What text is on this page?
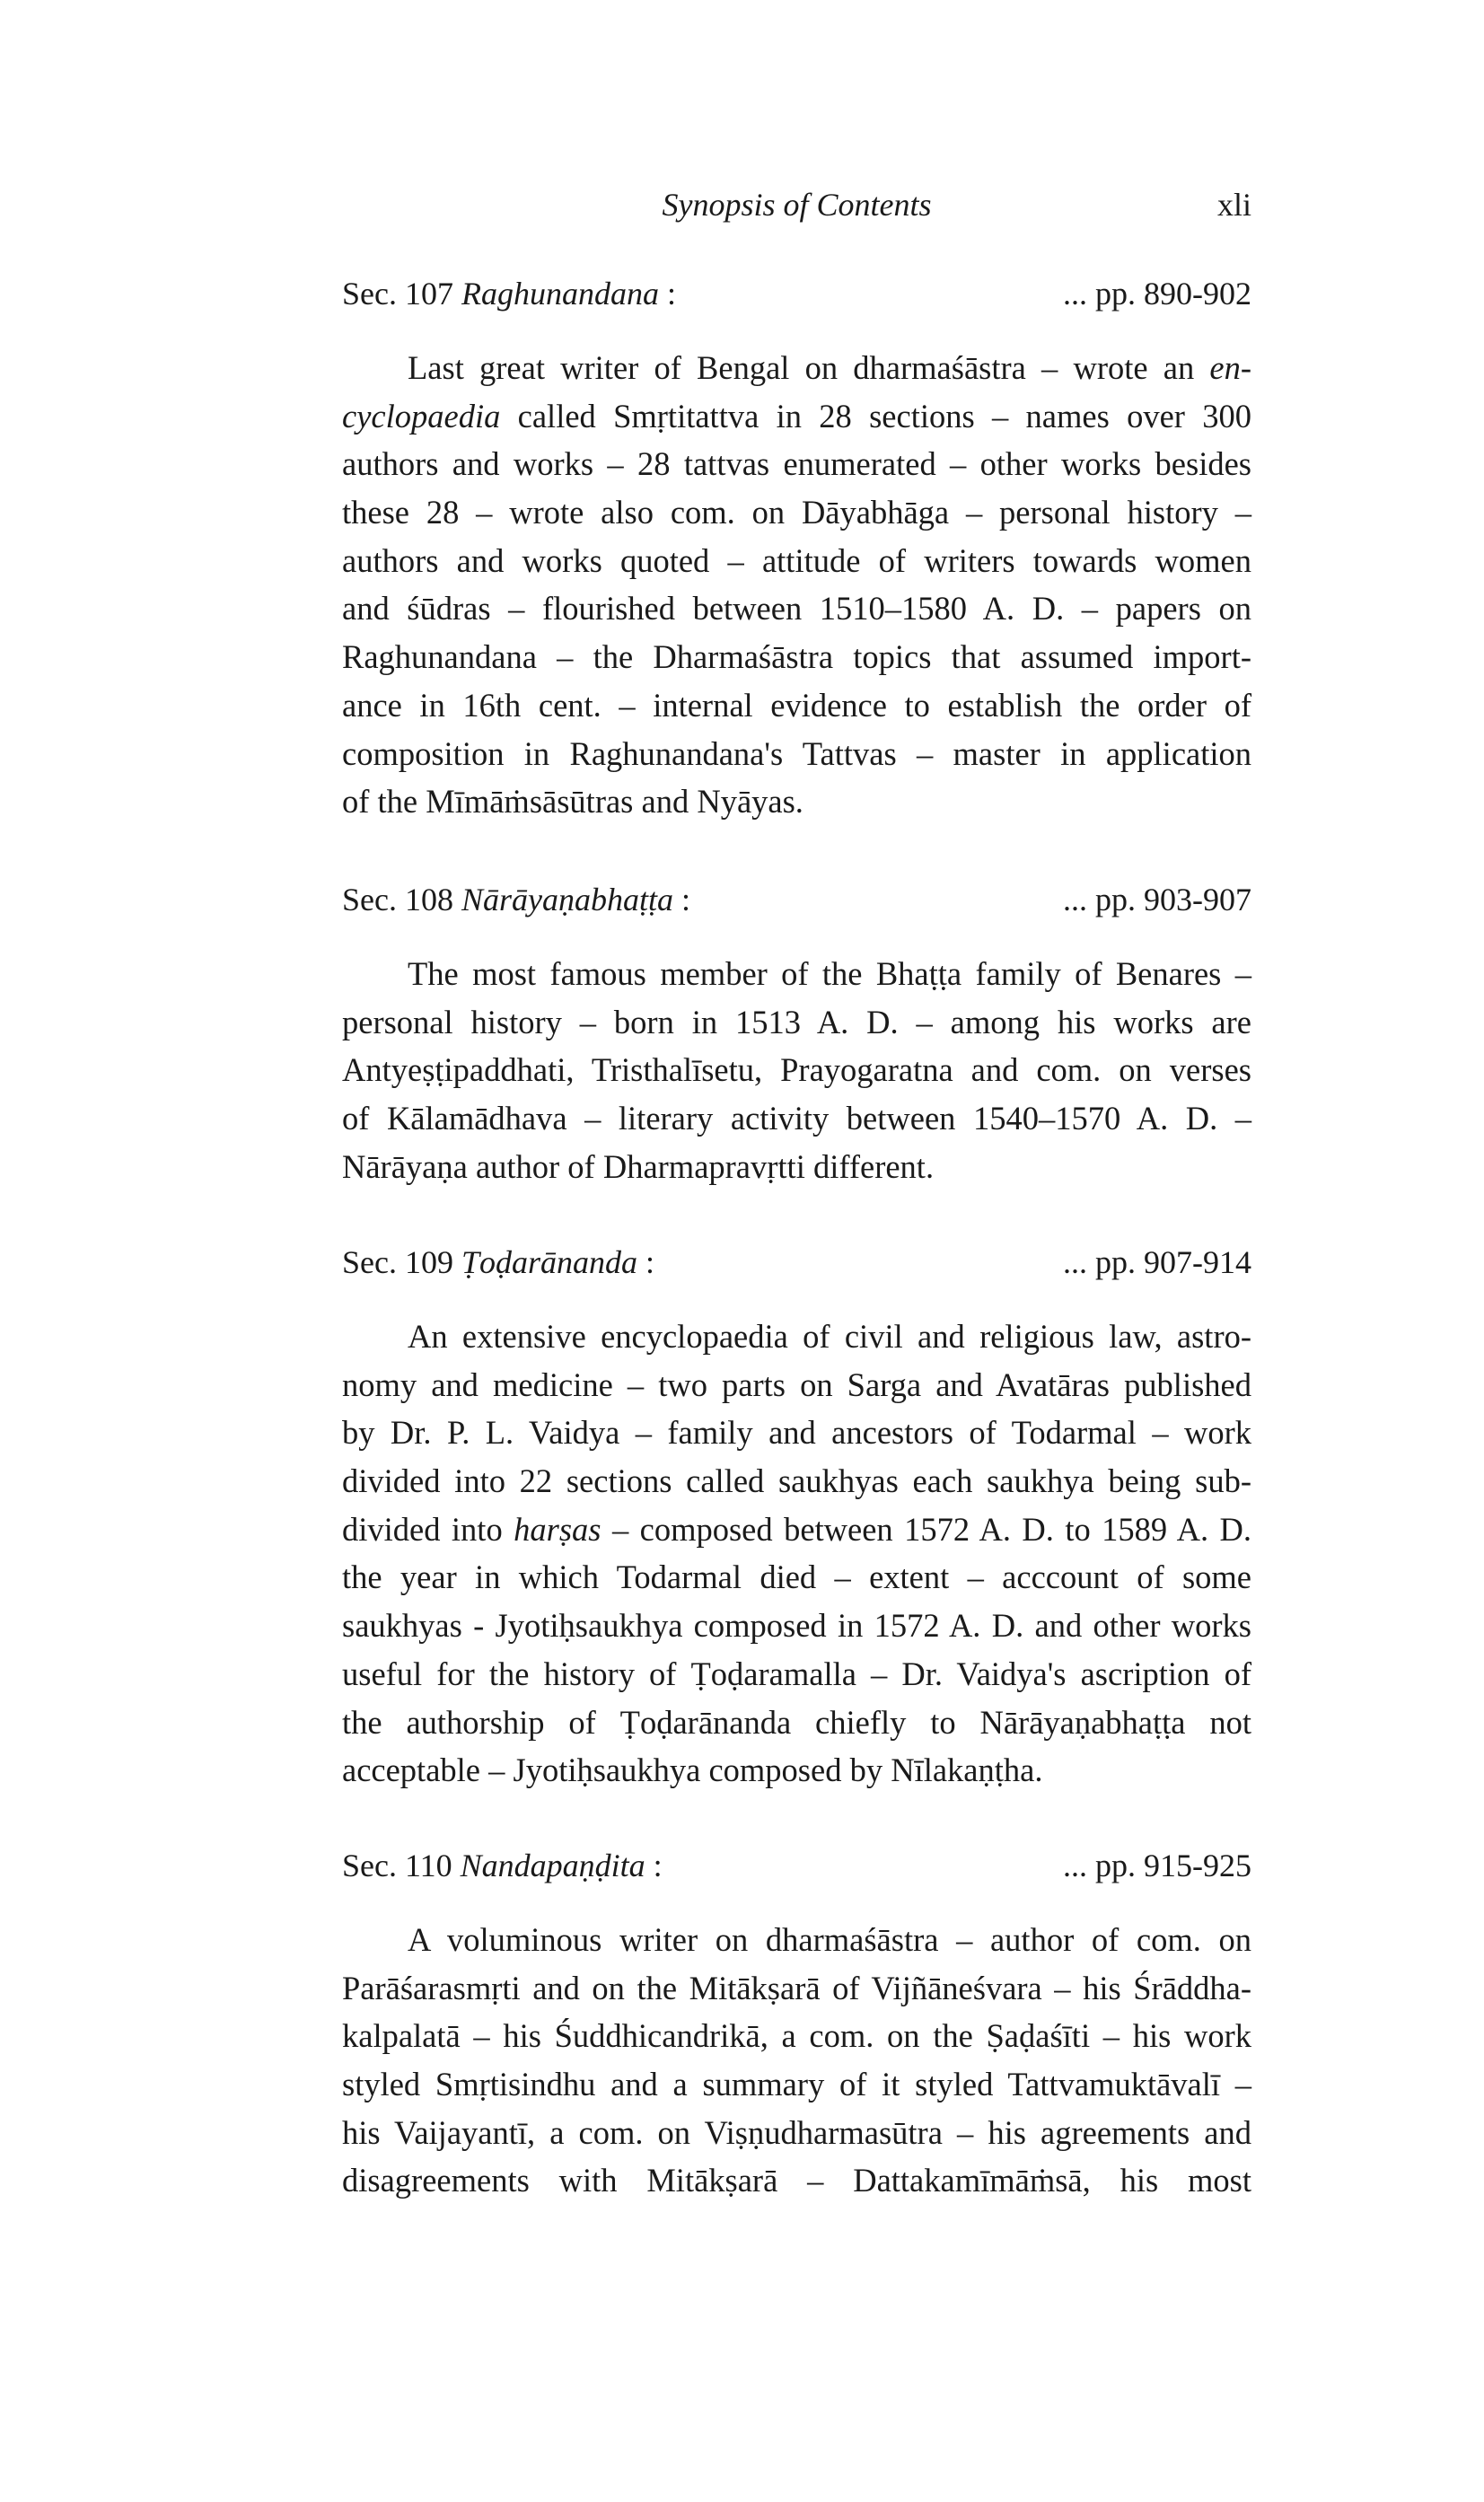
Synopsis of Contents	xli
Sec. 107 Raghunandana :	... pp. 890-902
Last great writer of Bengal on dharmaśāstra – wrote an en-
cyclopaedia called Smṛtitattva in 28 sections – names over 300
authors and works – 28 tattvas enumerated – other works besides
these 28 – wrote also com. on Dāyabhāga – personal history –
authors and works quoted – attitude of writers towards women
and śūdras – flourished between 1510–1580 A. D. – papers on
Raghunandana – the Dharmaśāstra topics that assumed import-
ance in 16th cent. – internal evidence to establish the order of
composition in Raghunandana's Tattvas – master in application
of the Mīmāṁsāsūtras and Nyāyas.
Sec. 108 Nārāyaṇabhaṭṭa :	... pp. 903-907
The most famous member of the Bhaṭṭa family of Benares –
personal history – born in 1513 A. D. – among his works are
Antyeṣṭipaddhati, Tristhalīsetu, Prayogaratna and com. on verses
of Kālamādhava – literary activity between 1540–1570 A. D. –
Nārāyaṇa author of Dharmapravṛtti different.
Sec. 109 Ṭoḍarānanda :	... pp. 907-914
An extensive encyclopaedia of civil and religious law, astro-
nomy and medicine – two parts on Sarga and Avatāras published
by Dr. P. L. Vaidya – family and ancestors of Todarmal – work
divided into 22 sections called saukhyas each saukhya being sub-
divided into harṣas – composed between 1572 A. D. to 1589 A. D.
the year in which Todarmal died – extent – acccount of some
saukhyas - Jyotiḥsaukhya composed in 1572 A. D. and other works
useful for the history of Ṭoḍaramalla – Dr. Vaidya's ascription of
the authorship of Ṭoḍarānanda chiefly to Nārāyaṇabhaṭṭa not
acceptable – Jyotiḥsaukhya composed by Nīlakaṇṭha.
Sec. 110 Nandapaṇḍita :	... pp. 915-925
A voluminous writer on dharmaśāstra – author of com. on
Parāśarasmṛti and on the Mitākṣarā of Vijñāneśvara – his Śrāddha-
kalpalatā – his Śuddhicandrikā, a com. on the Ṣaḍaśīti – his work
styled Smṛtisindhu and a summary of it styled Tattvamuktāvalī –
his Vaijayantī, a com. on Viṣṇudharmasūtra – his agreements and
disagreements with Mitākṣarā – Dattakamīmāṁsā, his most
